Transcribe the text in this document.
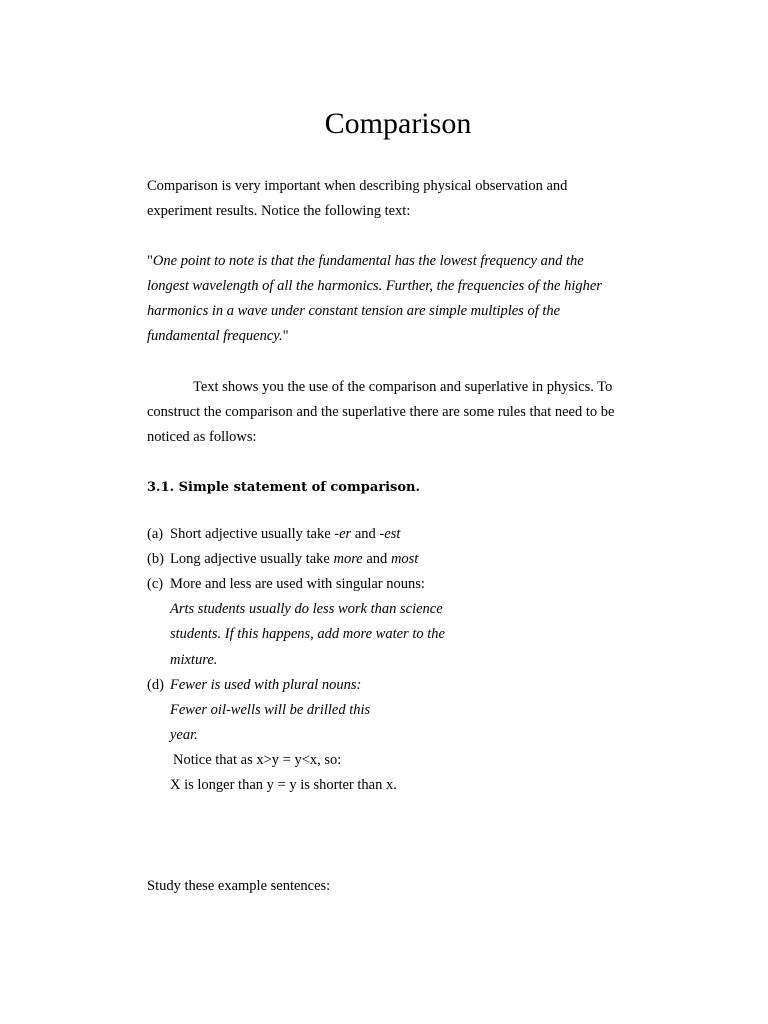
Comparison
Comparison is very important when describing physical observation and
experiment results. Notice the following text:
"One point to note is that the fundamental has the lowest frequency and the
longest wavelength of all the harmonics. Further, the frequencies of the higher
harmonics in a wave under constant tension are simple multiples of the
fundamental frequency."
Text shows you the use of the comparison and superlative in physics. To
construct the comparison and the superlative there are some rules that need to be
noticed as follows:
3.1. Simple statement of comparison.
(a) Short adjective usually take -er and -est
(b) Long adjective usually take more and most
(c) More and less are used with singular nouns:
Arts students usually do less work than science
students. If this happens, add more water to the
mixture.
(d) Fewer is used with plural nouns:
Fewer oil-wells will be drilled this
year.
Notice that as x>y = y<x, so:
X is longer than y = y is shorter than x.
Study these example sentences:
